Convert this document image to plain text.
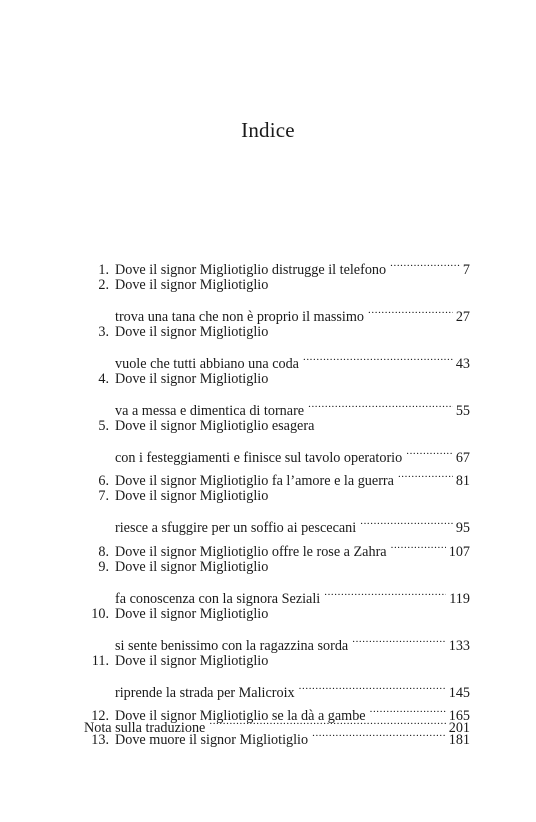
Indice
1. Dove il signor Migliotiglio distrugge il telefono .....	7
2. Dove il signor Migliotiglio
trova una tana che non è proprio il massimo .....	27
3. Dove il signor Migliotiglio
vuole che tutti abbiano una coda .....	43
4. Dove il signor Migliotiglio
va a messa e dimentica di tornare .....	55
5. Dove il signor Migliotiglio esagera
con i festeggiamenti e finisce sul tavolo operatorio .....	67
6. Dove il signor Migliotiglio fa l’amore e la guerra .....	81
7. Dove il signor Migliotiglio
riesce a sfuggire per un soffio ai pescecani .....	95
8. Dove il signor Migliotiglio offre le rose a Zahra .....	107
9. Dove il signor Migliotiglio
fa conoscenza con la signora Seziali .....	119
10. Dove il signor Migliotiglio
si sente benissimo con la ragazzina sorda .....	133
11. Dove il signor Migliotiglio
riprende la strada per Malicroix .....	145
12. Dove il signor Migliotiglio se la dà a gambe .....	165
13. Dove muore il signor Migliotiglio .....	181
Nota sulla traduzione .....	201
